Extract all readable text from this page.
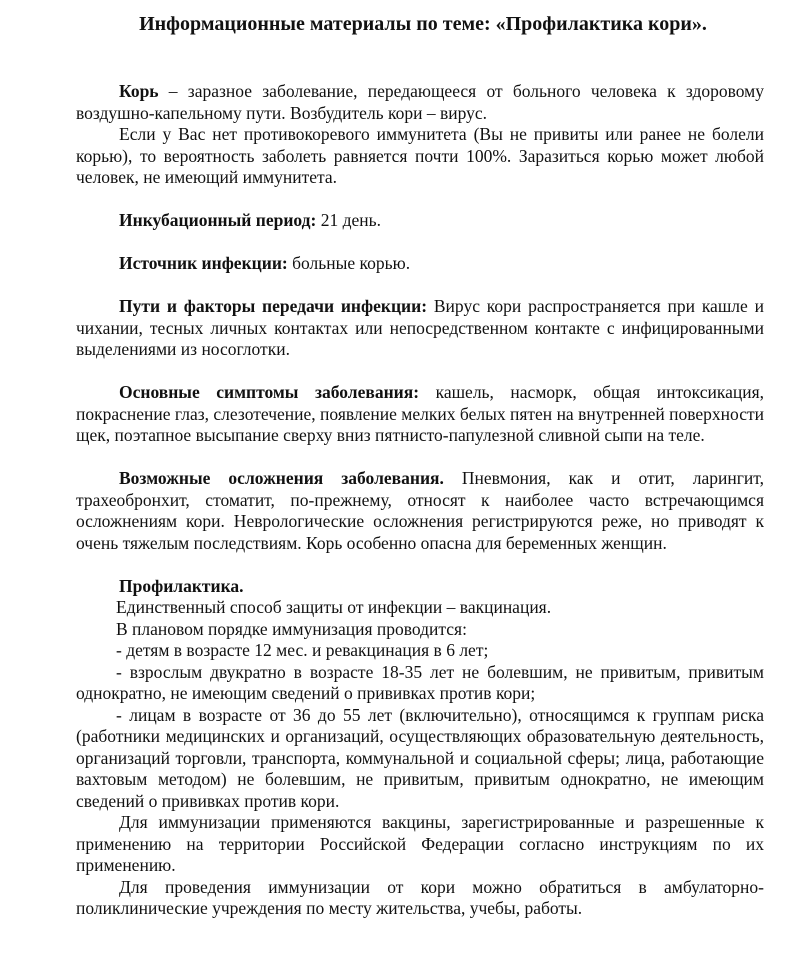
Информационные материалы по теме: «Профилактика кори».

Корь – заразное заболевание, передающееся от больного человека к здоровому воздушно-капельному пути. Возбудитель кори – вирус.

Если у Вас нет противокоревого иммунитета (Вы не привиты или ранее не болели корью), то вероятность заболеть равняется почти 100%. Заразиться корью может любой человек, не имеющий иммунитета.

Инкубационный период: 21 день.

Источник инфекции: больные корью.

Пути и факторы передачи инфекции: Вирус кори распространяется при кашле и чихании, тесных личных контактах или непосредственном контакте с инфицированными выделениями из носоглотки.

Основные симптомы заболевания: кашель, насморк, общая интоксикация, покраснение глаз, слезотечение, появление мелких белых пятен на внутренней поверхности щек, поэтапное высыпание сверху вниз пятнисто-папулезной сливной сыпи на теле.

Возможные осложнения заболевания. Пневмония, как и отит, ларингит, трахеобронхит, стоматит, по-прежнему, относят к наиболее часто встречающимся осложнениям кори. Неврологические осложнения регистрируются реже, но приводят к очень тяжелым последствиям. Корь особенно опасна для беременных женщин.

Профилактика.

Единственный способ защиты от инфекции – вакцинация.

В плановом порядке иммунизация проводится:

- детям в возрасте 12 мес. и ревакцинация в 6 лет;

- взрослым двукратно в возрасте 18-35 лет не болевшим, не привитым, привитым однократно, не имеющим сведений о прививках против кори;

- лицам в возрасте от 36 до 55 лет (включительно), относящимся к группам риска (работники медицинских и организаций, осуществляющих образовательную деятельность, организаций торговли, транспорта, коммунальной и социальной сферы; лица, работающие вахтовым методом) не болевшим, не привитым, привитым однократно, не имеющим сведений о прививках против кори.

Для иммунизации применяются вакцины, зарегистрированные и разрешенные к применению на территории Российской Федерации согласно инструкциям по их применению.

Для проведения иммунизации от кори можно обратиться в амбулаторно-поликлинические учреждения по месту жительства, учебы, работы.
